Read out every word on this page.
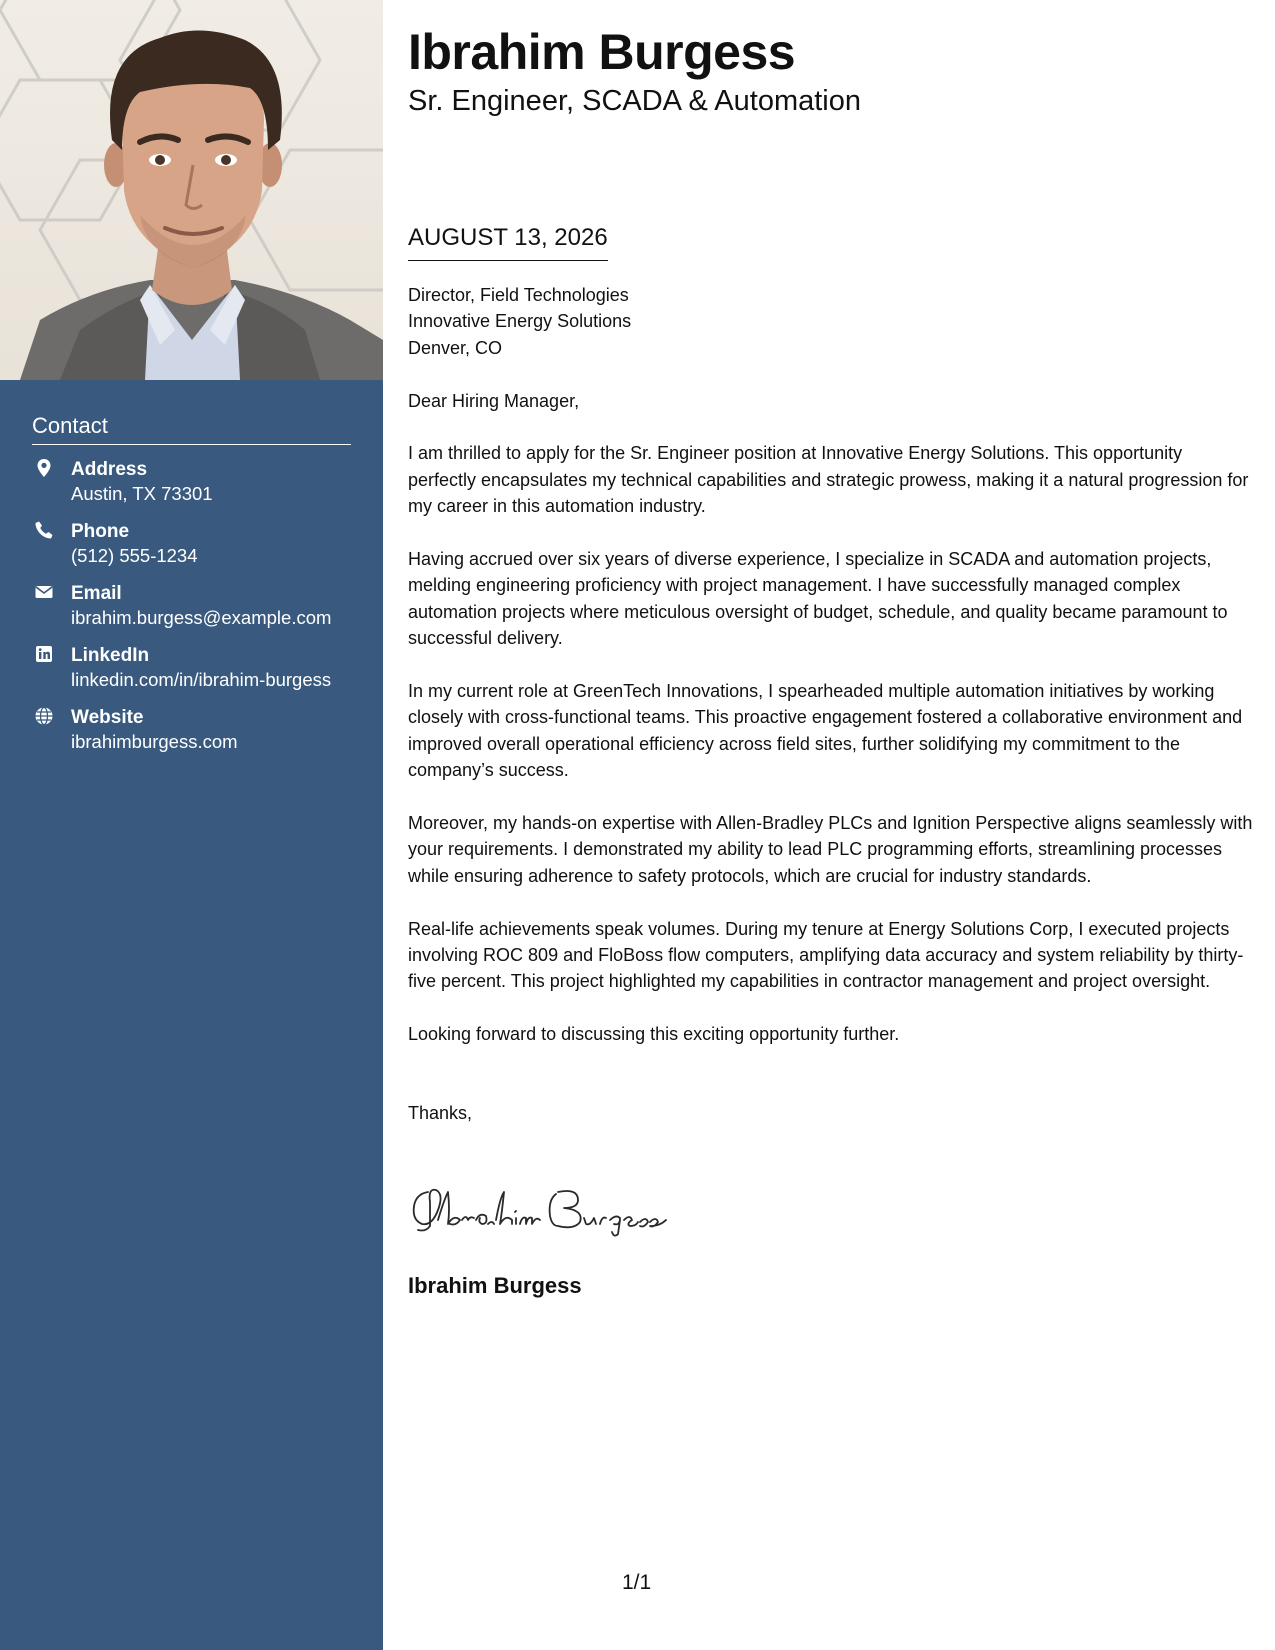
Contact
Address
Austin, TX 73301
Phone
(512) 555-1234
Email
ibrahim.burgess@example.com
LinkedIn
linkedin.com/in/ibrahim-burgess
Website
ibrahimburgess.com
Ibrahim Burgess
Sr. Engineer, SCADA & Automation
AUGUST 13, 2026

Director, Field Technologies
Innovative Energy Solutions
Denver, CO

Dear Hiring Manager,

I am thrilled to apply for the Sr. Engineer position at Innovative Energy Solutions. This opportunity perfectly encapsulates my technical capabilities and strategic prowess, making it a natural progression for my career in this automation industry.

Having accrued over six years of diverse experience, I specialize in SCADA and automation projects, melding engineering proficiency with project management. I have successfully managed complex automation projects where meticulous oversight of budget, schedule, and quality became paramount to successful delivery.

In my current role at GreenTech Innovations, I spearheaded multiple automation initiatives by working closely with cross-functional teams. This proactive engagement fostered a collaborative environment and improved overall operational efficiency across field sites, further solidifying my commitment to the company’s success.

Moreover, my hands-on expertise with Allen-Bradley PLCs and Ignition Perspective aligns seamlessly with your requirements. I demonstrated my ability to lead PLC programming efforts, streamlining processes while ensuring adherence to safety protocols, which are crucial for industry standards.

Real-life achievements speak volumes. During my tenure at Energy Solutions Corp, I executed projects involving ROC 809 and FloBoss flow computers, amplifying data accuracy and system reliability by thirty-five percent. This project highlighted my capabilities in contractor management and project oversight.

Looking forward to discussing this exciting opportunity further.

Thanks,

Ibrahim Burgess
1/1
